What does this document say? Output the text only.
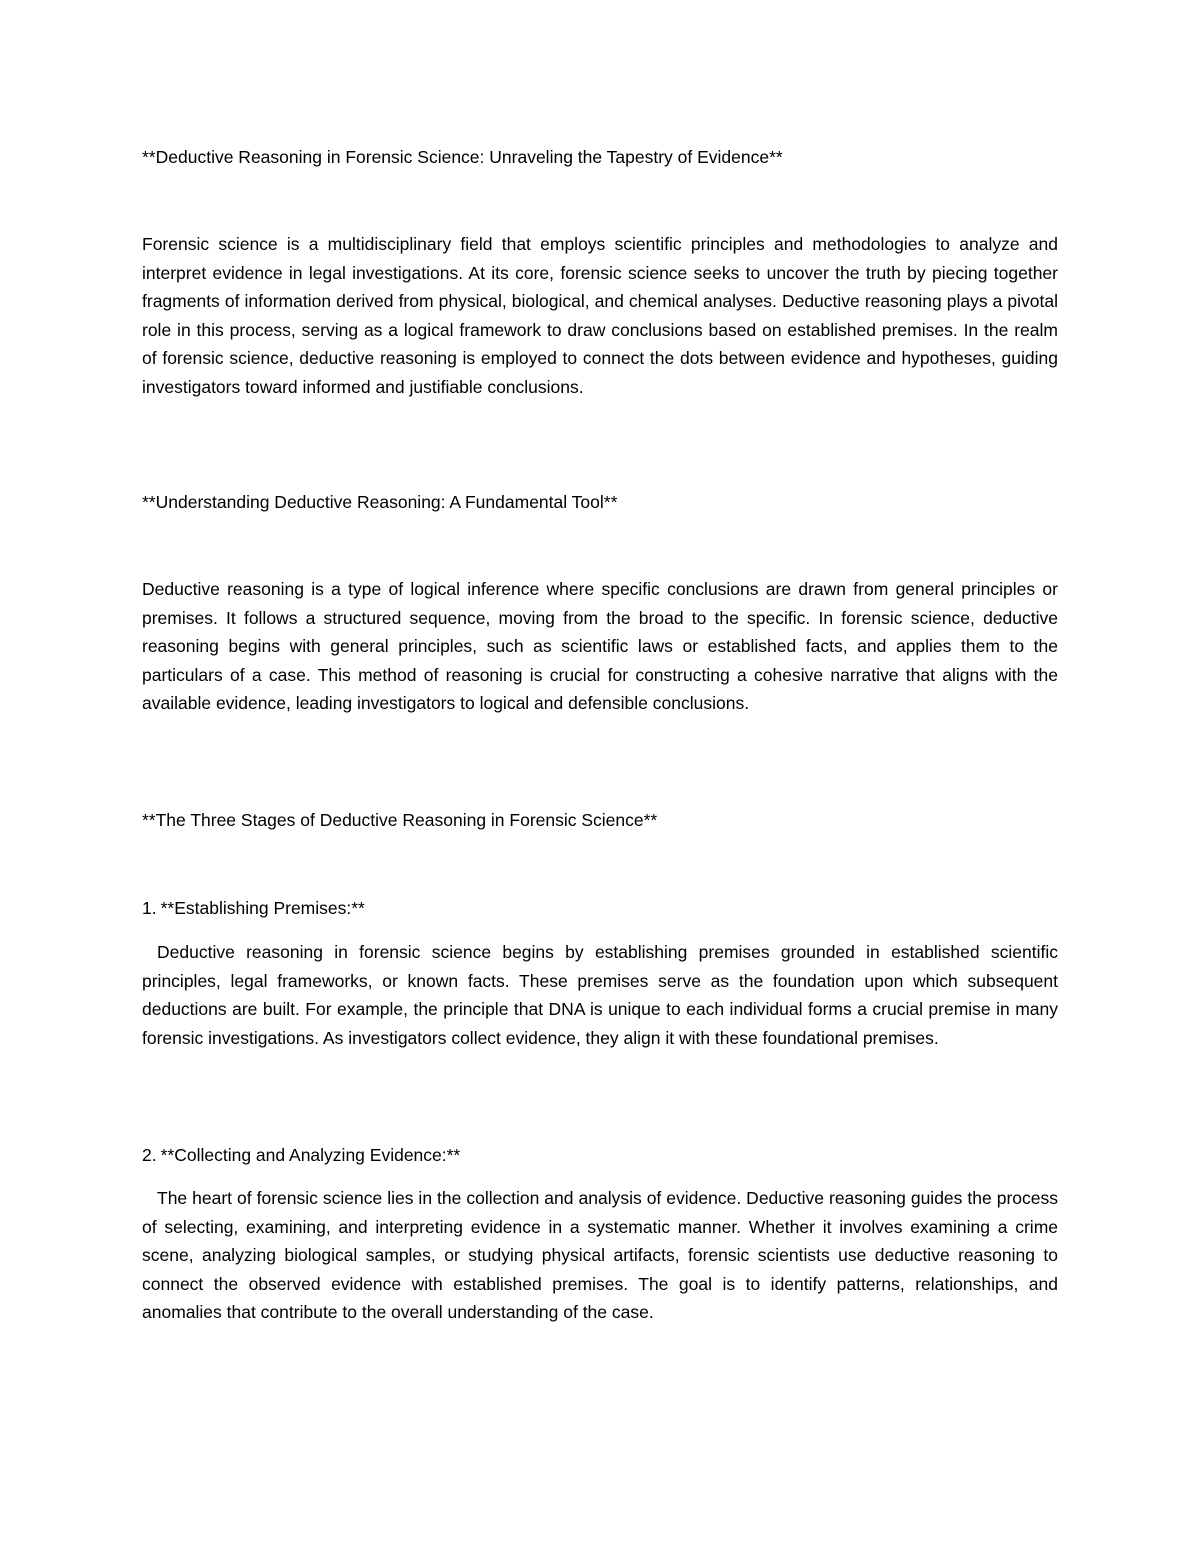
**Deductive Reasoning in Forensic Science: Unraveling the Tapestry of Evidence**

Forensic science is a multidisciplinary field that employs scientific principles and methodologies to analyze and interpret evidence in legal investigations. At its core, forensic science seeks to uncover the truth by piecing together fragments of information derived from physical, biological, and chemical analyses. Deductive reasoning plays a pivotal role in this process, serving as a logical framework to draw conclusions based on established premises. In the realm of forensic science, deductive reasoning is employed to connect the dots between evidence and hypotheses, guiding investigators toward informed and justifiable conclusions.

**Understanding Deductive Reasoning: A Fundamental Tool**

Deductive reasoning is a type of logical inference where specific conclusions are drawn from general principles or premises. It follows a structured sequence, moving from the broad to the specific. In forensic science, deductive reasoning begins with general principles, such as scientific laws or established facts, and applies them to the particulars of a case. This method of reasoning is crucial for constructing a cohesive narrative that aligns with the available evidence, leading investigators to logical and defensible conclusions.

**The Three Stages of Deductive Reasoning in Forensic Science**
1. **Establishing Premises:**

Deductive reasoning in forensic science begins by establishing premises grounded in established scientific principles, legal frameworks, or known facts. These premises serve as the foundation upon which subsequent deductions are built. For example, the principle that DNA is unique to each individual forms a crucial premise in many forensic investigations. As investigators collect evidence, they align it with these foundational premises.

2. **Collecting and Analyzing Evidence:**

The heart of forensic science lies in the collection and analysis of evidence. Deductive reasoning guides the process of selecting, examining, and interpreting evidence in a systematic manner. Whether it involves examining a crime scene, analyzing biological samples, or studying physical artifacts, forensic scientists use deductive reasoning to connect the observed evidence with established premises. The goal is to identify patterns, relationships, and anomalies that contribute to the overall understanding of the case.
